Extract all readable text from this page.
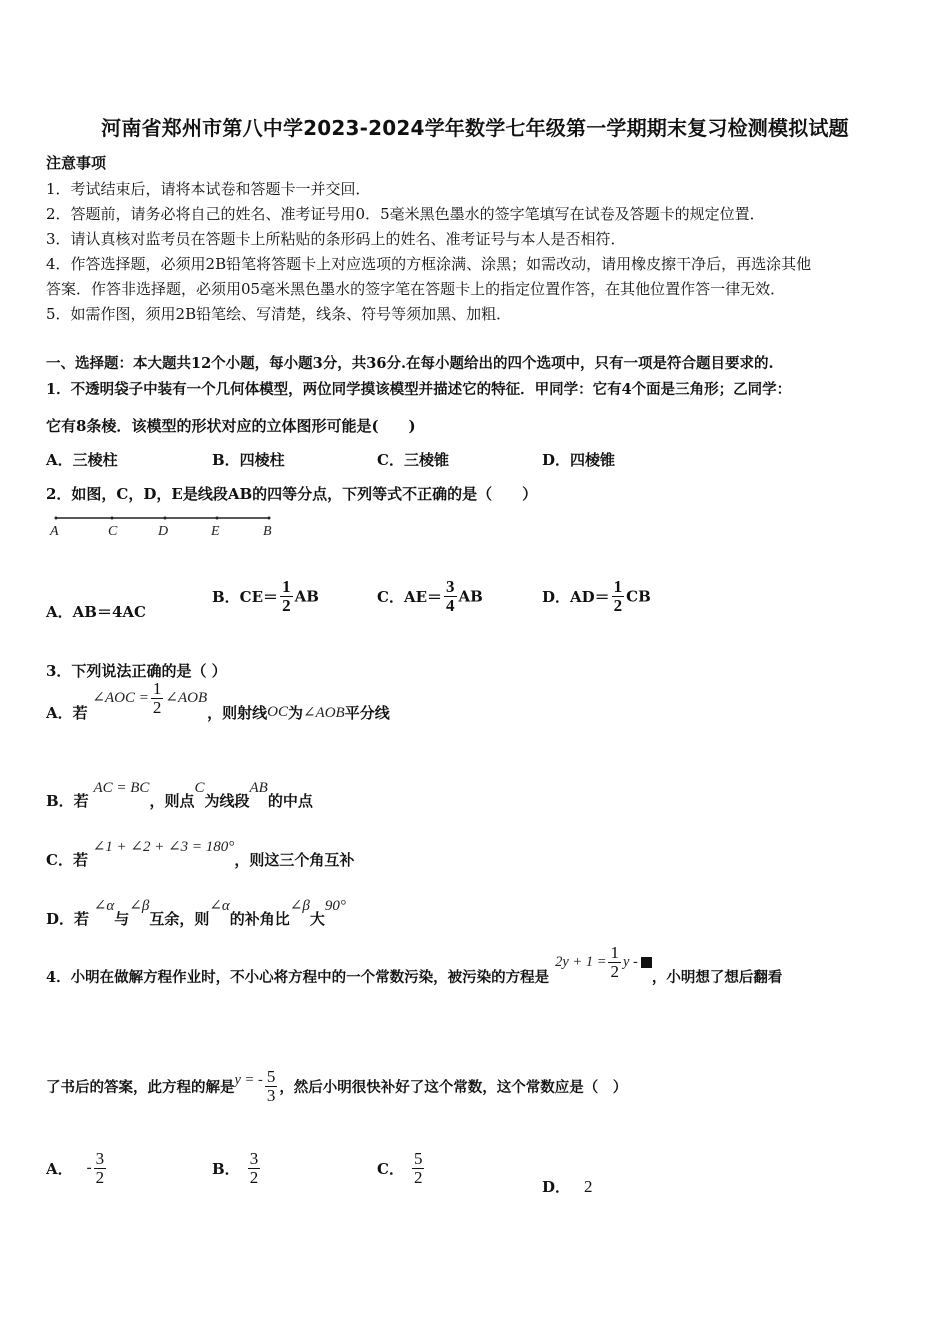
河南省郑州市第八中学2023-2024学年数学七年级第一学期期末复习检测模拟试题
注意事项
1．考试结束后，请将本试卷和答题卡一并交回．
2．答题前，请务必将自己的姓名、准考证号用0．5毫米黑色墨水的签字笔填写在试卷及答题卡的规定位置．
3．请认真核对监考员在答题卡上所粘贴的条形码上的姓名、准考证号与本人是否相符．
4．作答选择题，必须用2B铅笔将答题卡上对应选项的方框涂满、涂黑；如需改动，请用橡皮擦干净后，再选涂其他
答案．作答非选择题，必须用05毫米黑色墨水的签字笔在答题卡上的指定位置作答，在其他位置作答一律无效．
5．如需作图，须用2B铅笔绘、写清楚，线条、符号等须加黑、加粗．
一、选择题：本大题共12个小题，每小题3分，共36分.在每小题给出的四个选项中，只有一项是符合题目要求的.
1．不透明袋子中装有一个几何体模型，两位同学摸该模型并描述它的特征．甲同学：它有4个面是三角形；乙同学：
它有8条棱．该模型的形状对应的立体图形可能是(　　)
A．三棱柱	B．四棱柱	C．三棱锥	D．四棱锥
2．如图，C，D，E是线段AB的四等分点，下列等式不正确的是（　　）
A	C	D	E	B
A．AB＝4AC
B．$CE= \frac{1}{2}$ AB	C．$AE= \frac{3}{4}$ AB	D．$AD= \frac{1}{2}$ CB
3．下列说法正确的是（ ）
A．若 ∠AOC = $\frac{1}{2}$ ∠AOB，则射线OC为∠AOB平分线
B．若 AC = BC，则点C为线段AB的中点
C．若 ∠1 + ∠2 + ∠3 = 180°，则这三个角互补
D．若 ∠α与∠β互余，则∠α的补角比∠β大90°
4．小明在做解方程作业时，不小心将方程中的一个常数污染，被污染的方程是$2y + 1 = \frac{1}{2}$ y -，小明想了想后翻看
了书后的答案，此方程的解是y = - $\frac{5}{3}$ ，然后小明很快补好了这个常数，这个常数应是（　）
A． - $\frac{3}{2}$	B． $\frac{3}{2}$	C． $\frac{5}{2}$
D． 2
